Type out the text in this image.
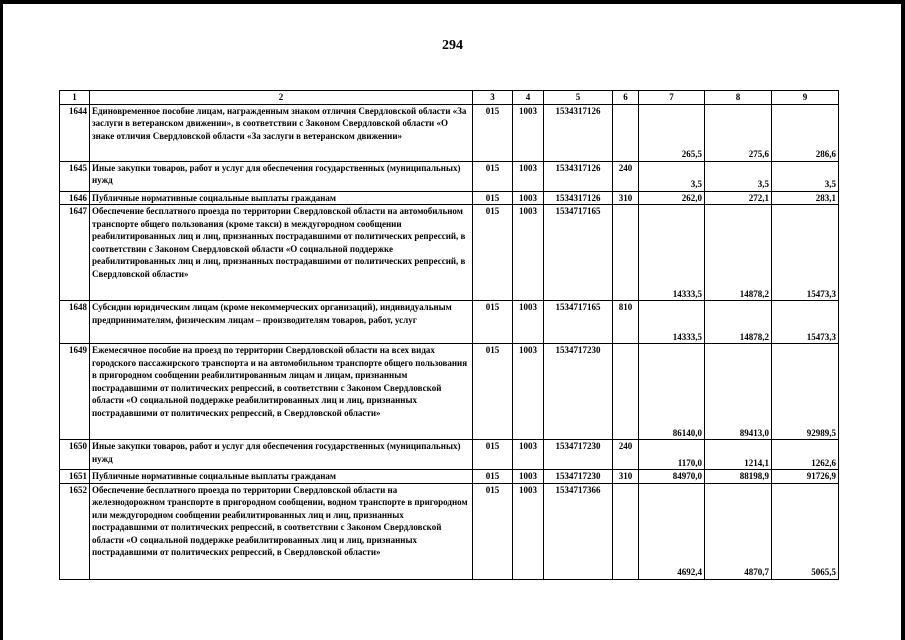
294
1	2	3	4	5	6	7	8	9
1644	Единовременное пособие лицам, награжденным знаком отличия Свердловской области «За заслуги в ветеранском движении», в соответствии с Законом Свердловской области «О знаке отличия Свердловской области «За заслуги в ветеранском движении»	015	1003	1534317126		265,5	275,6	286,6
1645	Иные закупки товаров, работ и услуг для обеспечения государственных (муниципальных) нужд	015	1003	1534317126	240	3,5	3,5	3,5
1646	Публичные нормативные социальные выплаты гражданам	015	1003	1534317126	310	262,0	272,1	283,1
1647	Обеспечение бесплатного проезда по территории Свердловской области на автомобильном транспорте общего пользования (кроме такси) в междугородном сообщении реабилитированных лиц и лиц, признанных пострадавшими от политических репрессий, в соответствии с Законом Свердловской области «О социальной поддержке реабилитированных лиц и лиц, признанных пострадавшими от политических репрессий, в Свердловской области»	015	1003	1534717165		14333,5	14878,2	15473,3
1648	Субсидии юридическим лицам (кроме некоммерческих организаций), индивидуальным предпринимателям, физическим лицам – производителям товаров, работ, услуг	015	1003	1534717165	810	14333,5	14878,2	15473,3
1649	Ежемесячное пособие на проезд по территории Свердловской области на всех видах городского пассажирского транспорта и на автомобильном транспорте общего пользования в пригородном сообщении реабилитированным лицам и лицам, признанным пострадавшими от политических репрессий, в соответствии с Законом Свердловской области «О социальной поддержке реабилитированных лиц и лиц, признанных пострадавшими от политических репрессий, в Свердловской области»	015	1003	1534717230		86140,0	89413,0	92989,5
1650	Иные закупки товаров, работ и услуг для обеспечения государственных (муниципальных) нужд	015	1003	1534717230	240	1170,0	1214,1	1262,6
1651	Публичные нормативные социальные выплаты гражданам	015	1003	1534717230	310	84970,0	88198,9	91726,9
1652	Обеспечение бесплатного проезда по территории Свердловской области на железнодорожном транспорте в пригородном сообщении, водном транспорте в пригородном или междугородном сообщении реабилитированных лиц и лиц, признанных пострадавшими от политических репрессий, в соответствии с Законом Свердловской области «О социальной поддержке реабилитированных лиц и лиц, признанных пострадавшими от политических репрессий, в Свердловской области»	015	1003	1534717366		4692,4	4870,7	5065,5
